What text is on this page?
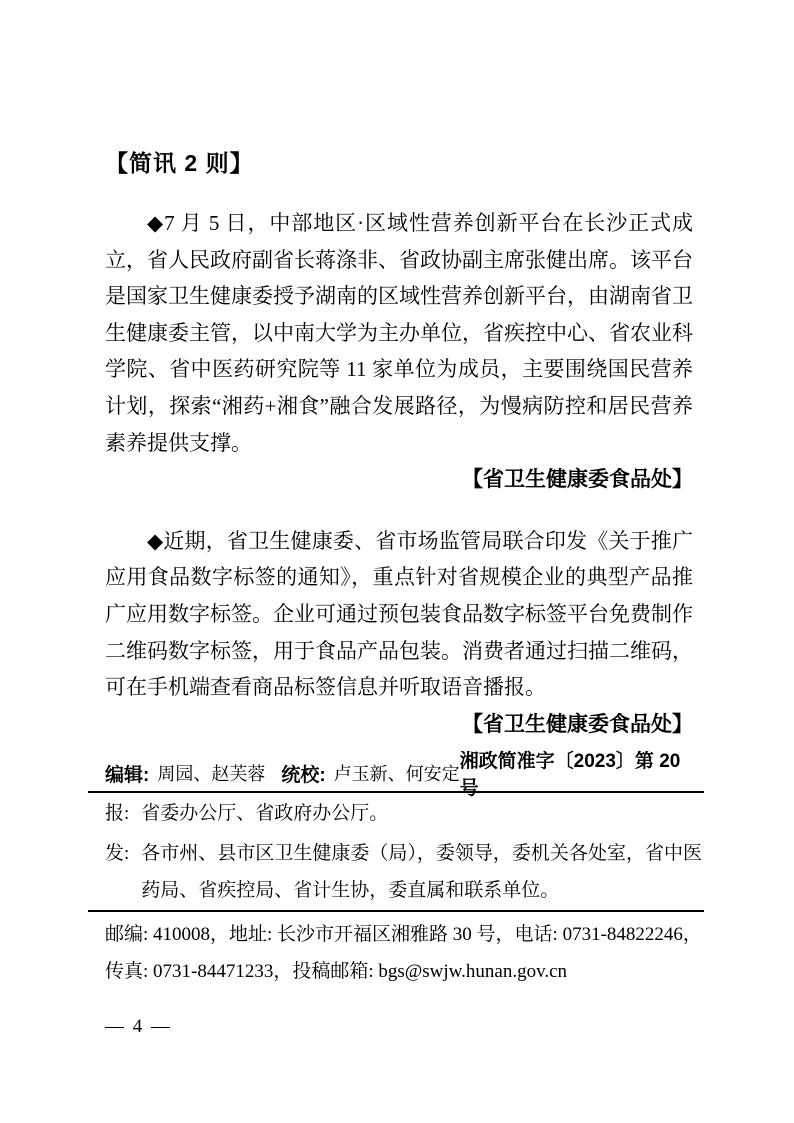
【简讯 2 则】

◆7 月 5 日，中部地区·区域性营养创新平台在长沙正式成立，省人民政府副省长蒋涤非、省政协副主席张健出席。该平台是国家卫生健康委授予湖南的区域性营养创新平台，由湖南省卫生健康委主管，以中南大学为主办单位，省疾控中心、省农业科学院、省中医药研究院等 11 家单位为成员，主要围绕国民营养计划，探索“湘药+湘食”融合发展路径，为慢病防控和居民营养素养提供支撑。

【省卫生健康委食品处】

◆近期，省卫生健康委、省市场监管局联合印发《关于推广应用食品数字标签的通知》，重点针对省规模企业的典型产品推广应用数字标签。企业可通过预包装食品数字标签平台免费制作二维码数字标签，用于食品产品包装。消费者通过扫描二维码，可在手机端查看商品标签信息并听取语音播报。

【省卫生健康委食品处】

编辑: 周园、赵芙蓉 统校: 卢玉新、何安定
湘政简准字〔2023〕第 20 号
报: 省委办公厅、省政府办公厅。
发: 各市州、县市区卫生健康委（局），委领导，委机关各处室，省中医药局、省疾控局、省计生协，委直属和联系单位。
邮编: 410008，地址: 长沙市开福区湘雅路 30 号，电话: 0731-84822246，
传真: 0731-84471233，投稿邮箱: bgs@swjw.hunan.gov.cn
— 4 —
